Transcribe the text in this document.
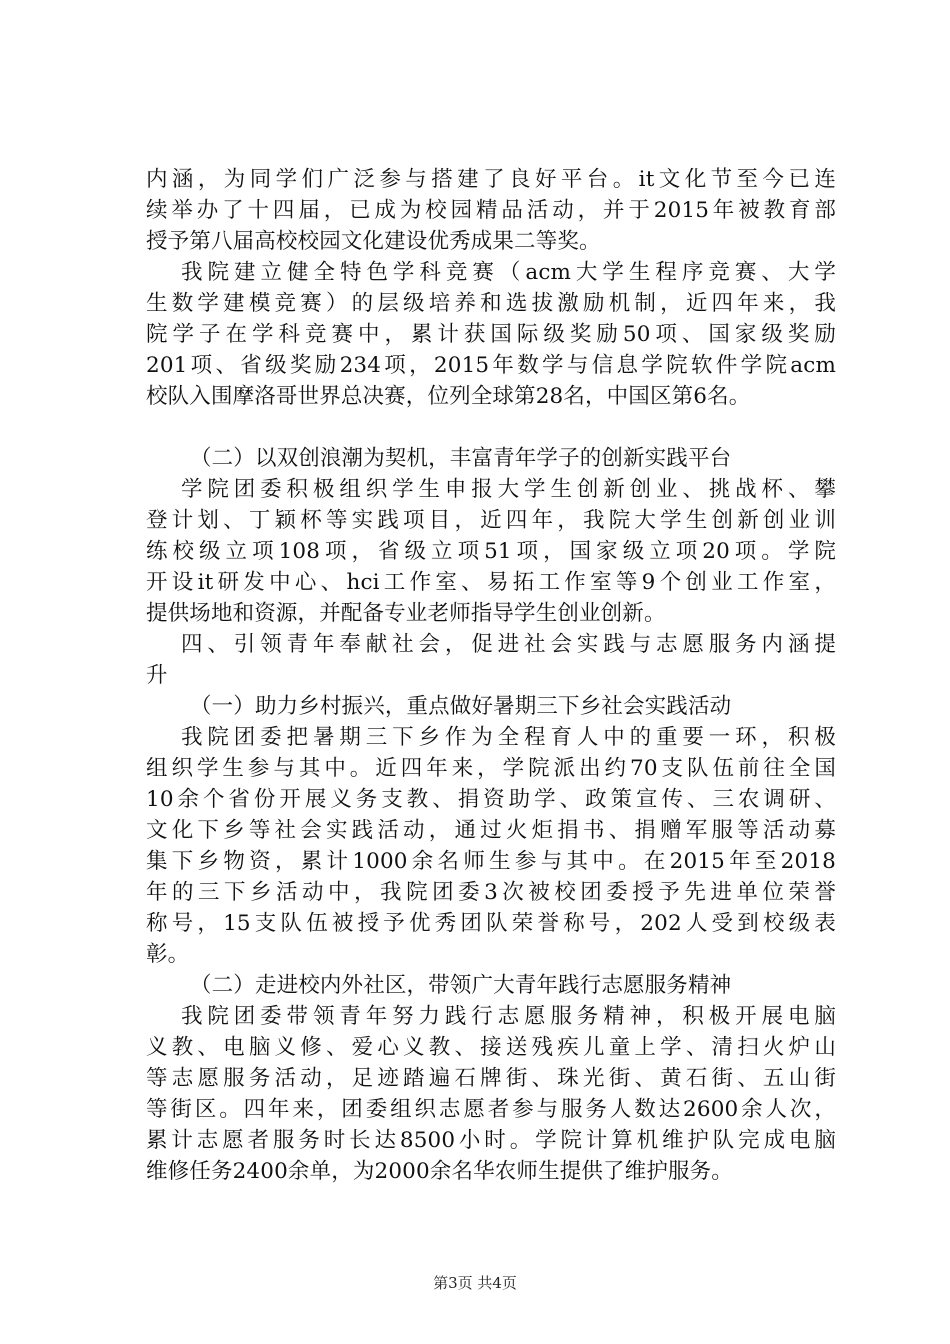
内涵，为同学们广泛参与搭建了良好平台。it文化节至今已连
续举办了十四届，已成为校园精品活动，并于2015年被教育部
授予第八届高校校园文化建设优秀成果二等奖。
我院建立健全特色学科竞赛（acm大学生程序竞赛、大学
生数学建模竞赛）的层级培养和选拔激励机制，近四年来，我
院学子在学科竞赛中，累计获国际级奖励50项、国家级奖励
201项、省级奖励234项，2015年数学与信息学院软件学院acm
校队入围摩洛哥世界总决赛，位列全球第28名，中国区第6名。
（二）以双创浪潮为契机，丰富青年学子的创新实践平台
学院团委积极组织学生申报大学生创新创业、挑战杯、攀
登计划、丁颖杯等实践项目，近四年，我院大学生创新创业训
练校级立项108项，省级立项51项，国家级立项20项。学院
开设it研发中心、hci工作室、易拓工作室等9个创业工作室，
提供场地和资源，并配备专业老师指导学生创业创新。
四、引领青年奉献社会，促进社会实践与志愿服务内涵提
升
（一）助力乡村振兴，重点做好暑期三下乡社会实践活动
我院团委把暑期三下乡作为全程育人中的重要一环，积极
组织学生参与其中。近四年来，学院派出约70支队伍前往全国
10余个省份开展义务支教、捐资助学、政策宣传、三农调研、
文化下乡等社会实践活动，通过火炬捐书、捐赠军服等活动募
集下乡物资，累计1000余名师生参与其中。在2015年至2018
年的三下乡活动中，我院团委3次被校团委授予先进单位荣誉
称号，15支队伍被授予优秀团队荣誉称号，202人受到校级表
彰。
（二）走进校内外社区，带领广大青年践行志愿服务精神
我院团委带领青年努力践行志愿服务精神，积极开展电脑
义教、电脑义修、爱心义教、接送残疾儿童上学、清扫火炉山
等志愿服务活动，足迹踏遍石牌街、珠光街、黄石街、五山街
等街区。四年来，团委组织志愿者参与服务人数达2600余人次，
累计志愿者服务时长达8500小时。学院计算机维护队完成电脑
维修任务2400余单，为2000余名华农师生提供了维护服务。
第3页 共4页
